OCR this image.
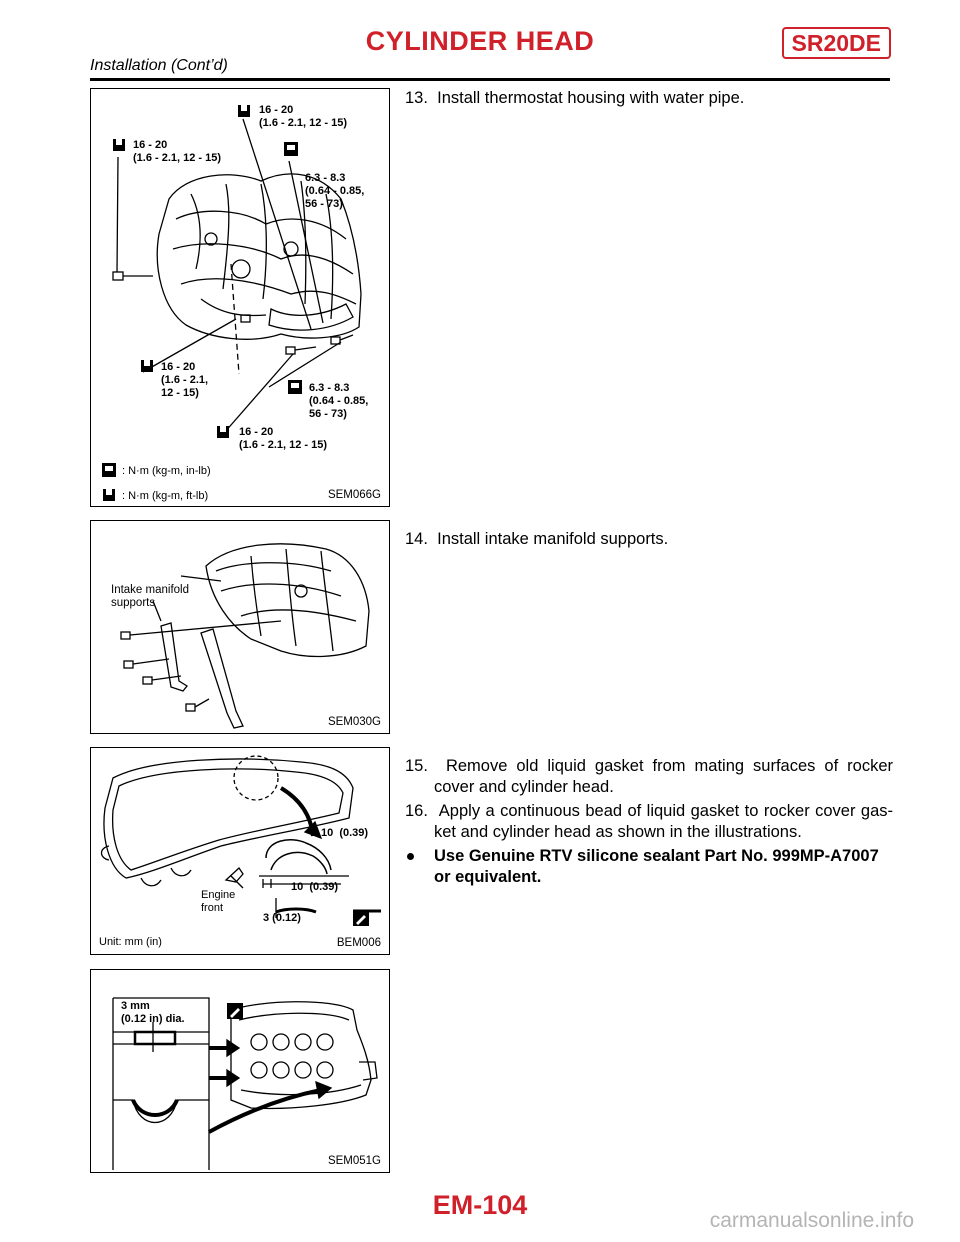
CYLINDER HEAD	SR20DE
Installation (Cont’d)
16 - 20
(1.6 - 2.1, 12 - 15)
16 - 20
(1.6 - 2.1, 12 - 15)
6.3 - 8.3
(0.64 - 0.85,
56 - 73)
16 - 20
(1.6 - 2.1,
12 - 15)	6.3 - 8.3
(0.64 - 0.85,
56 - 73)
16 - 20
(1.6 - 2.1, 12 - 15)
: N·m (kg-m, in-lb)
: N·m (kg-m, ft-lb)	SEM066G
Intake manifold
supports
SEM030G
10  (0.39)
10  (0.39)
3 (0.12)
Engine
front
Unit: mm (in)	BEM006
3 mm
(0.12 in) dia.
SEM051G
13. Install thermostat housing with water pipe.
14. Install intake manifold supports.
15. Remove old liquid gasket from mating surfaces of rocker cover and cylinder head.
16. Apply a continuous bead of liquid gasket to rocker cover gas-ket and cylinder head as shown in the illustrations.
Use Genuine RTV silicone sealant Part No. 999MP-A7007 or equivalent.
EM-104
carmanualsonline.info
